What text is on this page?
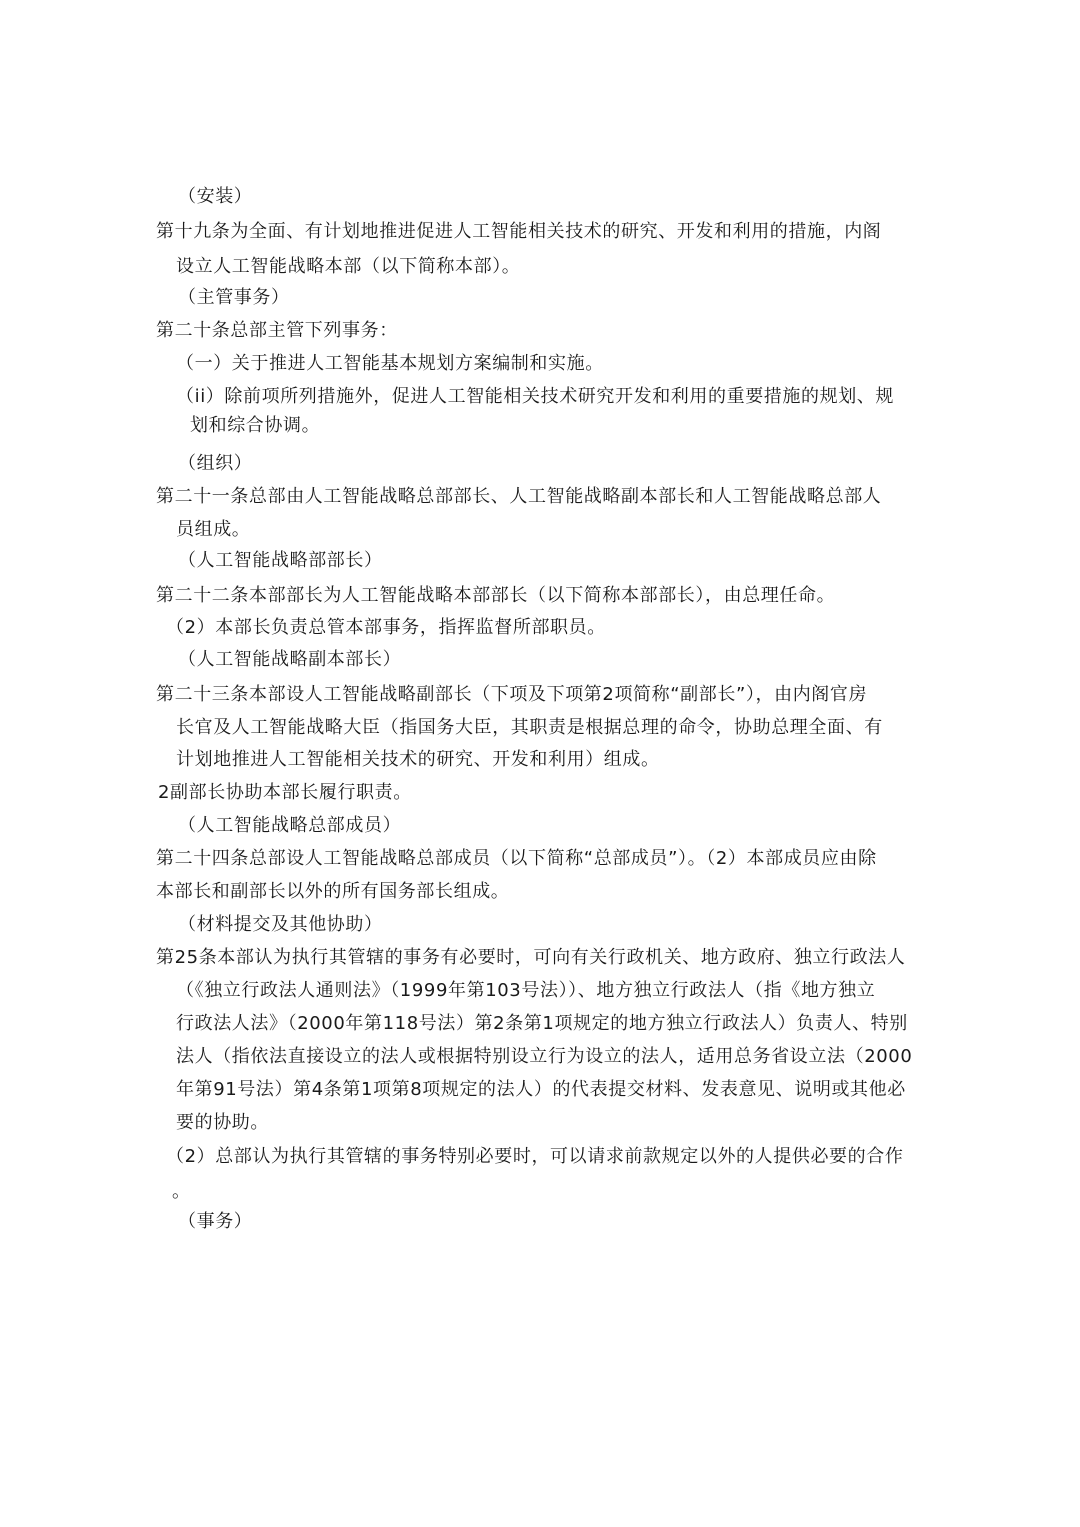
（安装）
第十九条为全面、有计划地推进促进人工智能相关技术的研究、开发和利用的措施，内阁
设立人工智能战略本部（以下简称本部）。
（主管事务）
第二十条总部主管下列事务：
（一）关于推进人工智能基本规划方案编制和实施。
（ii）除前项所列措施外，促进人工智能相关技术研究开发和利用的重要措施的规划、规
划和综合协调。
（组织）
第二十一条总部由人工智能战略总部部长、人工智能战略副本部长和人工智能战略总部人
员组成。
（人工智能战略部部长）
第二十二条本部部长为人工智能战略本部部长（以下简称本部部长），由总理任命。
（2）本部长负责总管本部事务，指挥监督所部职员。
（人工智能战略副本部长）
第二十三条本部设人工智能战略副部长（下项及下项第2项简称“副部长”），由内阁官房
长官及人工智能战略大臣（指国务大臣，其职责是根据总理的命令，协助总理全面、有
计划地推进人工智能相关技术的研究、开发和利用）组成。
2副部长协助本部长履行职责。
（人工智能战略总部成员）
第二十四条总部设人工智能战略总部成员（以下简称“总部成员”）。（2）本部成员应由除
本部长和副部长以外的所有国务部长组成。
（材料提交及其他协助）
第25条本部认为执行其管辖的事务有必要时，可向有关行政机关、地方政府、独立行政法人
（《独立行政法人通则法》（1999年第103号法））、地方独立行政法人（指《地方独立
行政法人法》（2000年第118号法）第2条第1项规定的地方独立行政法人）负责人、特别
法人（指依法直接设立的法人或根据特别设立行为设立的法人，适用总务省设立法（2000
年第91号法）第4条第1项第8项规定的法人）的代表提交材料、发表意见、说明或其他必
要的协助。
（2）总部认为执行其管辖的事务特别必要时，可以请求前款规定以外的人提供必要的合作
。
（事务）
